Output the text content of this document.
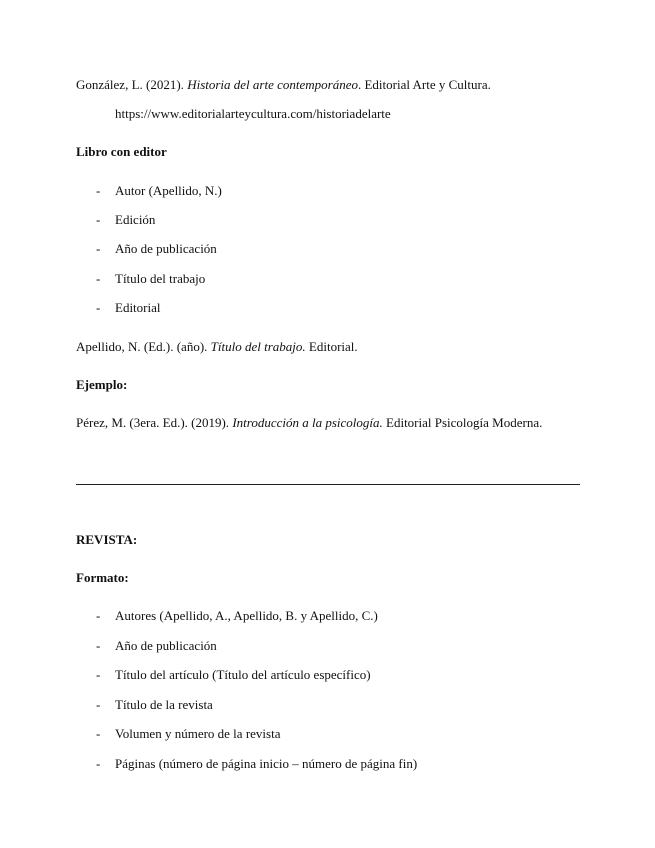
González, L. (2021). Historia del arte contemporáneo. Editorial Arte y Cultura.
https://www.editorialarteycultura.com/historiadelarte
Libro con editor
- Autor (Apellido, N.)
- Edición
- Año de publicación
- Título del trabajo
- Editorial
Apellido, N. (Ed.). (año). Título del trabajo. Editorial.
Ejemplo:
Pérez, M. (3era. Ed.). (2019). Introducción a la psicología. Editorial Psicología Moderna.
REVISTA:
Formato:
- Autores (Apellido, A., Apellido, B. y Apellido, C.)
- Año de publicación
- Título del artículo (Título del artículo específico)
- Título de la revista
- Volumen y número de la revista
- Páginas (número de página inicio – número de página fin)
